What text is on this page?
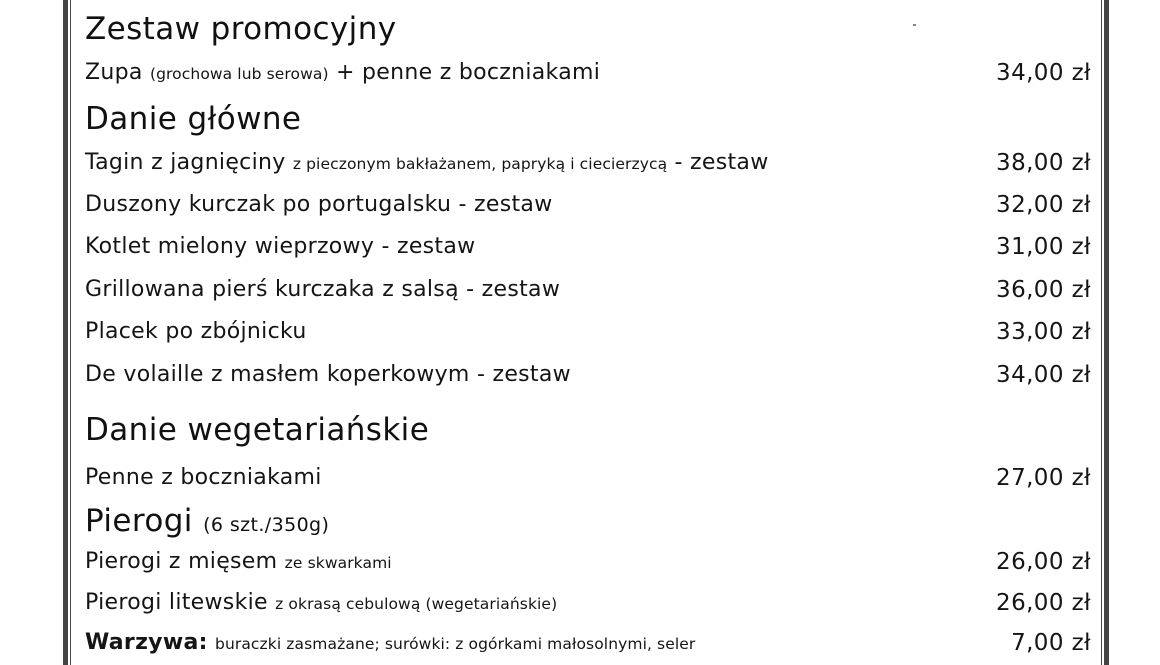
Zestaw promocyjny
Zupa (grochowa lub serowa) + penne z boczniakami	34,00 zł
Danie główne
Tagin z jagnięciny z pieczonym bakłażanem, papryką i ciecierzycą - zestaw	38,00 zł
Duszony kurczak po portugalsku - zestaw	32,00 zł
Kotlet mielony wieprzowy - zestaw	31,00 zł
Grillowana pierś kurczaka z salsą - zestaw	36,00 zł
Placek po zbójnicku	33,00 zł
De volaille z masłem koperkowym - zestaw	34,00 zł
Danie wegetariańskie
Penne z boczniakami	27,00 zł
Pierogi (6 szt./350g)
Pierogi z mięsem ze skwarkami	26,00 zł
Pierogi litewskie z okrasą cebulową (wegetariańskie)	26,00 zł
Warzywa: buraczki zasmażane; surówki: z ogórkami małosolnymi, seler	7,00 zł
